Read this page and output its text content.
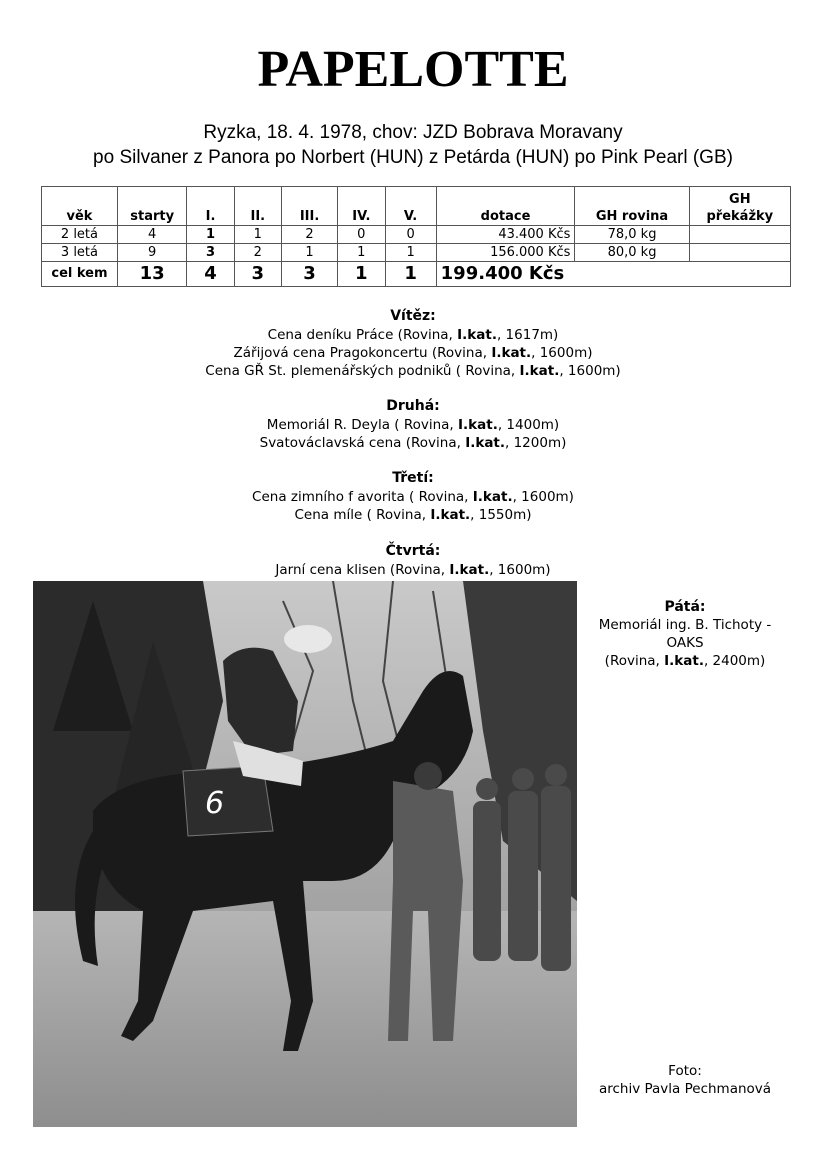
PAPELOTTE
Ryzka, 18. 4. 1978, chov: JZD Bobrava Moravany
po Silvaner z Panora po Norbert (HUN) z Petárda (HUN) po Pink Pearl (GB)
věk	starty	I.	II.	III.	IV.	V.	dotace	GH rovina	GH překážky
2 letá	4	1	1	2	0	0	43.400 Kčs	78,0 kg	
3 letá	9	3	2	1	1	1	156.000 Kčs	80,0 kg	
cel kem	13	4	3	3	1	1	199.400 Kčs		
Vítěz:
Cena deníku Práce (Rovina, I.kat., 1617m)
Zářijová cena Pragokoncertu (Rovina, I.kat., 1600m)
Cena GŘ St. plemenářských podniků ( Rovina, I.kat., 1600m)
Druhá:
Memoriál R. Deyla ( Rovina, I.kat., 1400m)
Svatováclavská cena (Rovina, I.kat., 1200m)
Třetí:
Cena zimního f avorita ( Rovina, I.kat., 1600m)
Cena míle ( Rovina, I.kat., 1550m)
Čtvrtá:
Jarní cena klisen (Rovina, I.kat., 1600m)
6
Pátá:
Memoriál ing. B. Tichoty -
OAKS
(Rovina, I.kat., 2400m)
Foto:
archiv Pavla Pechmanová
